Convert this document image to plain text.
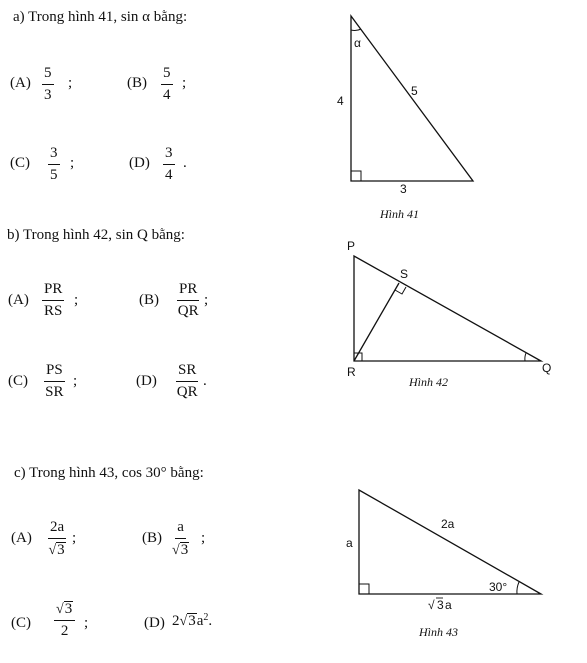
a) Trong hình 41, sin α bằng:
$(A) \frac{5}{3}$ ;	$(B) \frac{5}{4}$ ;
$(C) \frac{3}{5}$ ;	$(D) \frac{3}{4}$ .
b) Trong hình 42, sin Q bằng:
$(A) \frac{PR}{RS}$ ;	$(B) \frac{PR}{QR}$ ;
$(C) \frac{PS}{SR}$ ;	$(D) \frac{SR}{QR}$ .
c) Trong hình 43, cos 30° bằng:
$(A) \frac{2a}{√ 3}$ ;	$(B) \frac{a}{√ 3}$ ;
$(C) \frac{√ 3}{2}$ ;	(D) 2 √ 3 $a^2$ .
α
4
5
3
Hình 41
P
S
R	Q
Hình 42
a
2a
30°
√ 3 a
Hình 43
